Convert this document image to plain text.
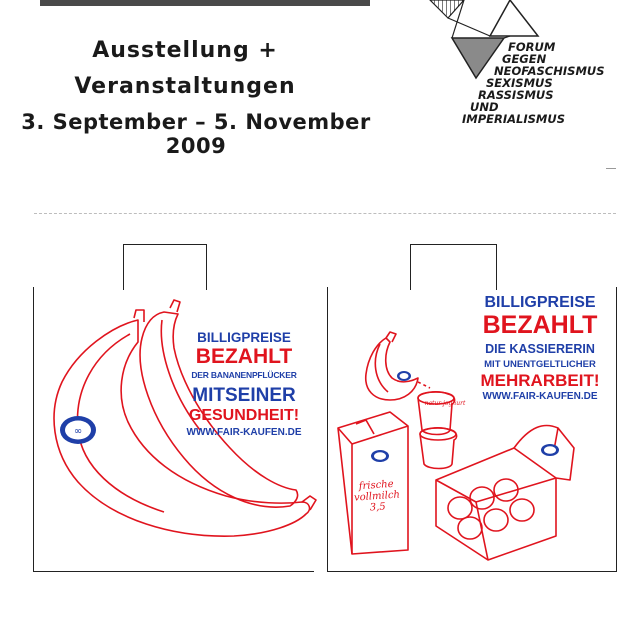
Ausstellung +
Veranstaltungen
3. September – 5. November 2009
FORUM
GEGEN
NEOFASCHISMUS
SEXISMUS
RASSISMUS
UND
IMPERIALISMUS
∞
BILLIGPREISE
BEZAHLT
DER BANANENPFLÜCKER
MITSEINER
GESUNDHEIT!
WWW.FAIR-KAUFEN.DE
BILLIGPREISE
BEZAHLT
DIE KASSIERERIN
MIT UNENTGELTLICHER
MEHRARBEIT!
WWW.FAIR-KAUFEN.DE
frische
vollmilch
3,5
natur joghurt
